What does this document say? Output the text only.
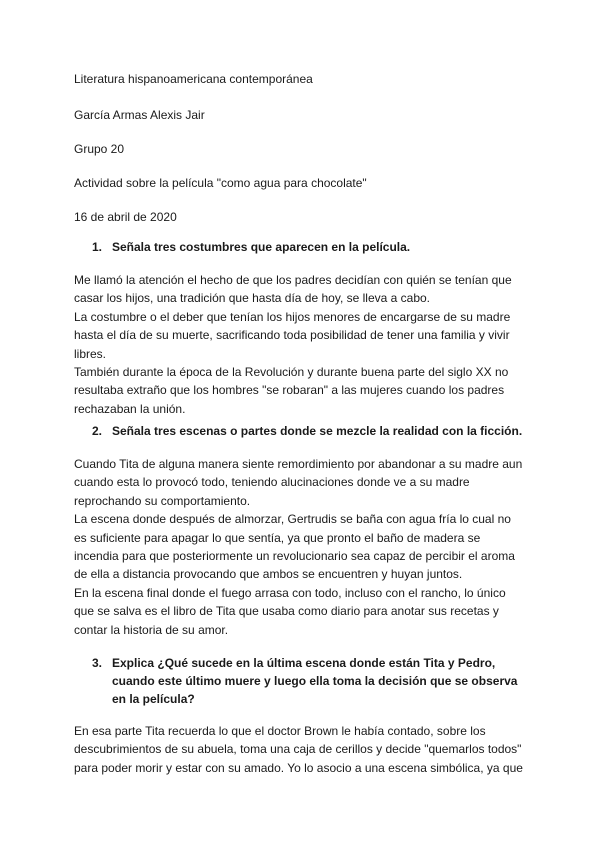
Literatura hispanoamericana contemporánea
García Armas Alexis Jair
Grupo 20
Actividad sobre la película "como agua para chocolate"
16 de abril de 2020
1. Señala tres costumbres que aparecen en la película.
Me llamó la atención el hecho de que los padres decidían con quién se tenían que
casar los hijos, una tradición que hasta día de hoy, se lleva a cabo.
La costumbre o el deber que tenían los hijos menores de encargarse de su madre
hasta el día de su muerte, sacrificando toda posibilidad de tener una familia y vivir
libres.
También durante la época de la Revolución y durante buena parte del siglo XX no
resultaba extraño que los hombres "se robaran" a las mujeres cuando los padres
rechazaban la unión.
2. Señala tres escenas o partes donde se mezcle la realidad con la ficción.
Cuando Tita de alguna manera siente remordimiento por abandonar a su madre aun
cuando esta lo provocó todo, teniendo alucinaciones donde ve a su madre
reprochando su comportamiento.
La escena donde después de almorzar, Gertrudis se baña con agua fría lo cual no
es suficiente para apagar lo que sentía, ya que pronto el baño de madera se
incendia para que posteriormente un revolucionario sea capaz de percibir el aroma
de ella a distancia provocando que ambos se encuentren y huyan juntos.
En la escena final donde el fuego arrasa con todo, incluso con el rancho, lo único
que se salva es el libro de Tita que usaba como diario para anotar sus recetas y
contar la historia de su amor.
3. Explica ¿Qué sucede en la última escena donde están Tita y Pedro,
cuando este último muere y luego ella toma la decisión que se observa
en la película?
En esa parte Tita recuerda lo que el doctor Brown le había contado, sobre los
descubrimientos de su abuela, toma una caja de cerillos y decide "quemarlos todos"
para poder morir y estar con su amado. Yo lo asocio a una escena simbólica, ya que
